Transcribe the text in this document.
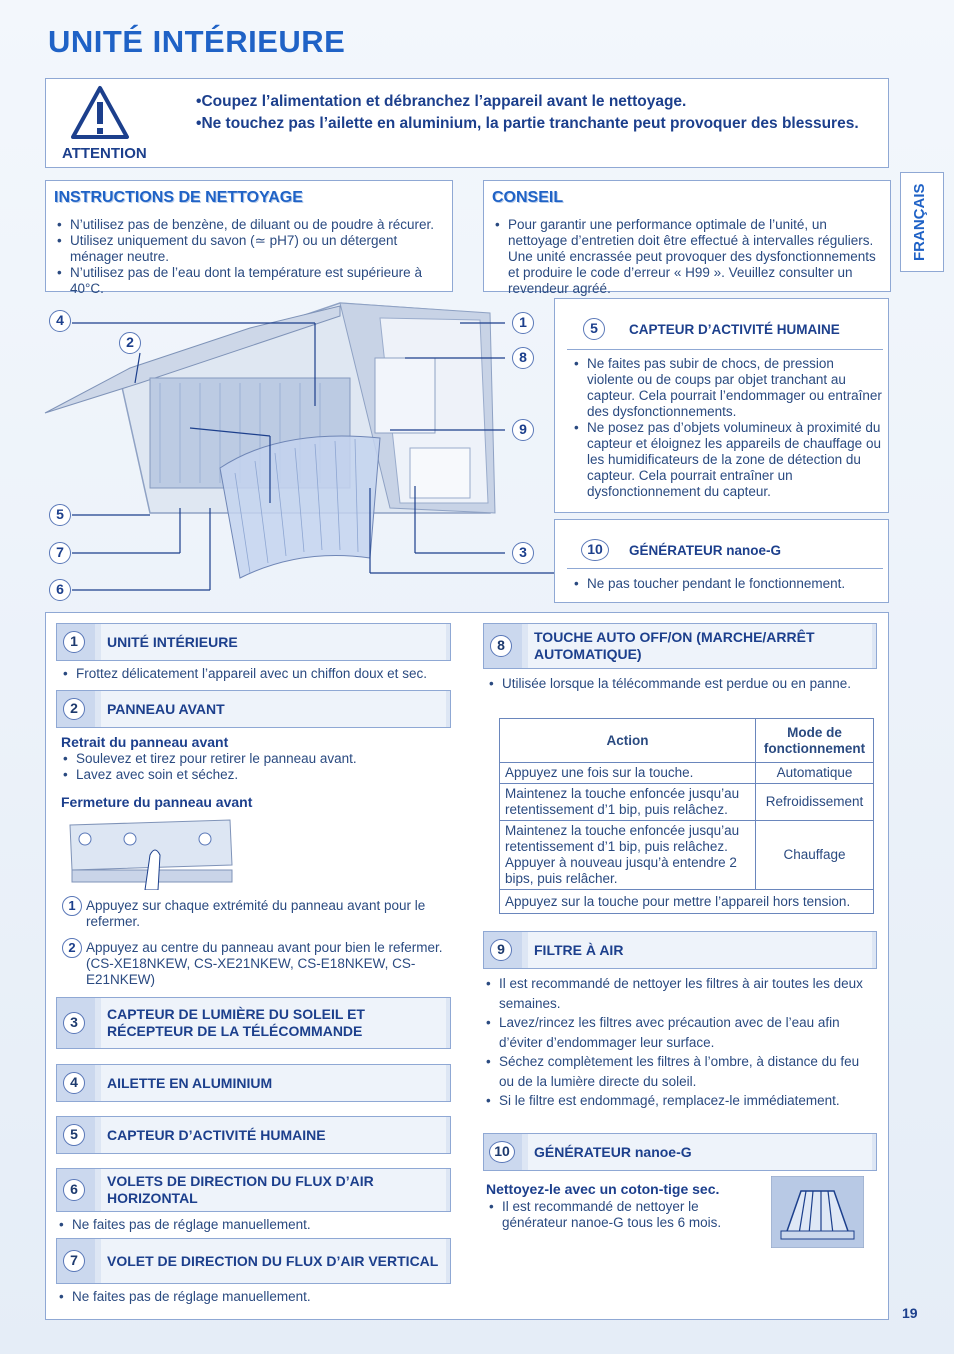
UNITÉ INTÉRIEURE
FRANÇAIS
ATTENTION
•Coupez l’alimentation et débranchez l’appareil avant le nettoyage.
•Ne touchez pas l’ailette en aluminium, la partie tranchante peut provoquer des blessures.
INSTRUCTIONS DE NETTOYAGE
• N’utilisez pas de benzène, de diluant ou de poudre à récurer.
• Utilisez uniquement du savon (≃ pH7) ou un détergent ménager neutre.
• N’utilisez pas de l’eau dont la température est supérieure à 40°C.
CONSEIL
• Pour garantir une performance optimale de l’unité, un nettoyage d’entretien doit être effectué à intervalles réguliers. Une unité encrassée peut provoquer des dysfonctionnements et produire le code d’erreur « H99 ». Veuillez consulter un revendeur agréé.
4
2
5
7
6
1
8
9
3
5	CAPTEUR D’ACTIVITÉ HUMAINE
• Ne faites pas subir de chocs, de pression violente ou de coups par objet tranchant au capteur. Cela pourrait l’endommager ou entraîner des dysfonctionnements.
• Ne posez pas d’objets volumineux à proximité du capteur et éloignez les appareils de chauffage ou les humidificateurs de la zone de détection du capteur. Cela pourrait entraîner un dysfonctionnement du capteur.
10	GÉNÉRATEUR nanoe-G
• Ne pas toucher pendant le fonctionnement.
1	UNITÉ INTÉRIEURE
• Frottez délicatement l’appareil avec un chiffon doux et sec.
2	PANNEAU AVANT
Retrait du panneau avant
• Soulevez et tirez pour retirer le panneau avant.
• Lavez avec soin et séchez.
Fermeture du panneau avant
1 Appuyez sur chaque extrémité du panneau avant pour le refermer.
2 Appuyez au centre du panneau avant pour bien le refermer. (CS-XE18NKEW, CS-XE21NKEW, CS-E18NKEW, CS-E21NKEW)
3	CAPTEUR DE LUMIÈRE DU SOLEIL ET RÉCEPTEUR DE LA TÉLÉCOMMANDE
4	AILETTE EN ALUMINIUM
5	CAPTEUR D’ACTIVITÉ HUMAINE
6	VOLETS DE DIRECTION DU FLUX D’AIR HORIZONTAL
• Ne faites pas de réglage manuellement.
7	VOLET DE DIRECTION DU FLUX D’AIR VERTICAL
• Ne faites pas de réglage manuellement.
8	TOUCHE AUTO OFF/ON (MARCHE/ARRÊT AUTOMATIQUE)
• Utilisée lorsque la télécommande est perdue ou en panne.
Action	Mode de fonctionnement
Appuyez une fois sur la touche.	Automatique
Maintenez la touche enfoncée jusqu’au retentissement d’1 bip, puis relâchez.	Refroidissement
Maintenez la touche enfoncée jusqu’au retentissement d’1 bip, puis relâchez. Appuyer à nouveau jusqu’à entendre 2 bips, puis relâcher.	Chauffage
Appuyez sur la touche pour mettre l’appareil hors tension.	
9	FILTRE À AIR
• Il est recommandé de nettoyer les filtres à air toutes les deux semaines.
• Lavez/rincez les filtres avec précaution avec de l’eau afin d’éviter d’endommager leur surface.
• Séchez complètement les filtres à l’ombre, à distance du feu ou de la lumière directe du soleil.
• Si le filtre est endommagé, remplacez-le immédiatement.
10	GÉNÉRATEUR nanoe-G
Nettoyez-le avec un coton-tige sec.
• Il est recommandé de nettoyer le générateur nanoe-G tous les 6 mois.
19
